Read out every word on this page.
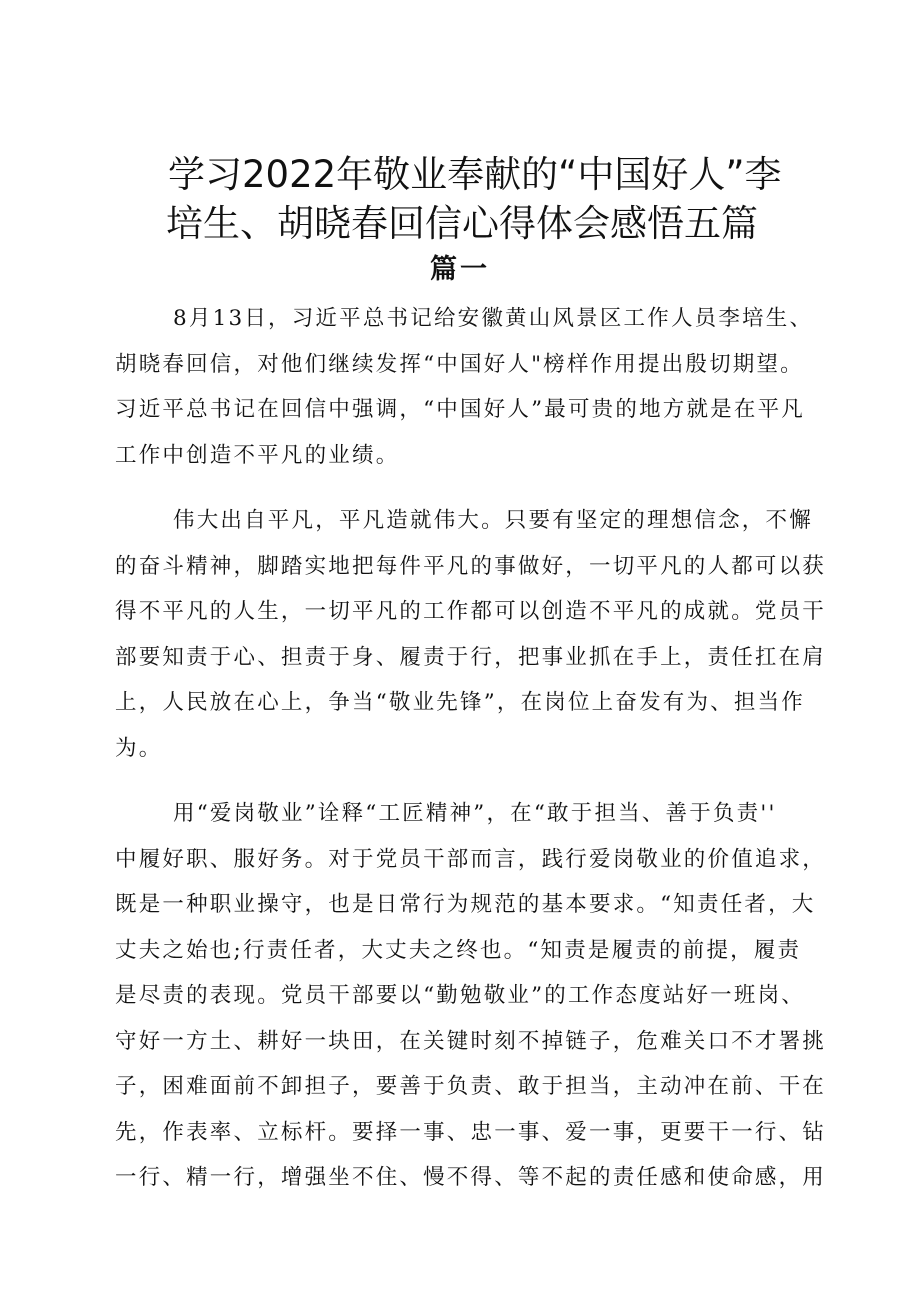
学习2022年敬业奉献的“中国好人”李
培生、胡晓春回信心得体会感悟五篇
篇一

8月13日，习近平总书记给安徽黄山风景区工作人员李培生、
胡晓春回信，对他们继续发挥“中国好人"榜样作用提出殷切期望。
习近平总书记在回信中强调，“中国好人”最可贵的地方就是在平凡
工作中创造不平凡的业绩。

伟大出自平凡，平凡造就伟大。只要有坚定的理想信念，不懈
的奋斗精神，脚踏实地把每件平凡的事做好，一切平凡的人都可以获
得不平凡的人生，一切平凡的工作都可以创造不平凡的成就。党员干
部要知责于心、担责于身、履责于行，把事业抓在手上，责任扛在肩
上，人民放在心上，争当“敬业先锋”，在岗位上奋发有为、担当作
为。

用“爱岗敬业”诠释“工匠精神”，在“敢于担当、善于负责''
中履好职、服好务。对于党员干部而言，践行爱岗敬业的价值追求，
既是一种职业操守，也是日常行为规范的基本要求。“知责任者，大
丈夫之始也;行责任者，大丈夫之终也。“知责是履责的前提，履责
是尽责的表现。党员干部要以“勤勉敬业”的工作态度站好一班岗、
守好一方土、耕好一块田，在关键时刻不掉链子，危难关口不才署挑
子，困难面前不卸担子，要善于负责、敢于担当，主动冲在前、干在
先，作表率、立标杆。要择一事、忠一事、爱一事，更要干一行、钻
一行、精一行，增强坐不住、慢不得、等不起的责任感和使命感，用
